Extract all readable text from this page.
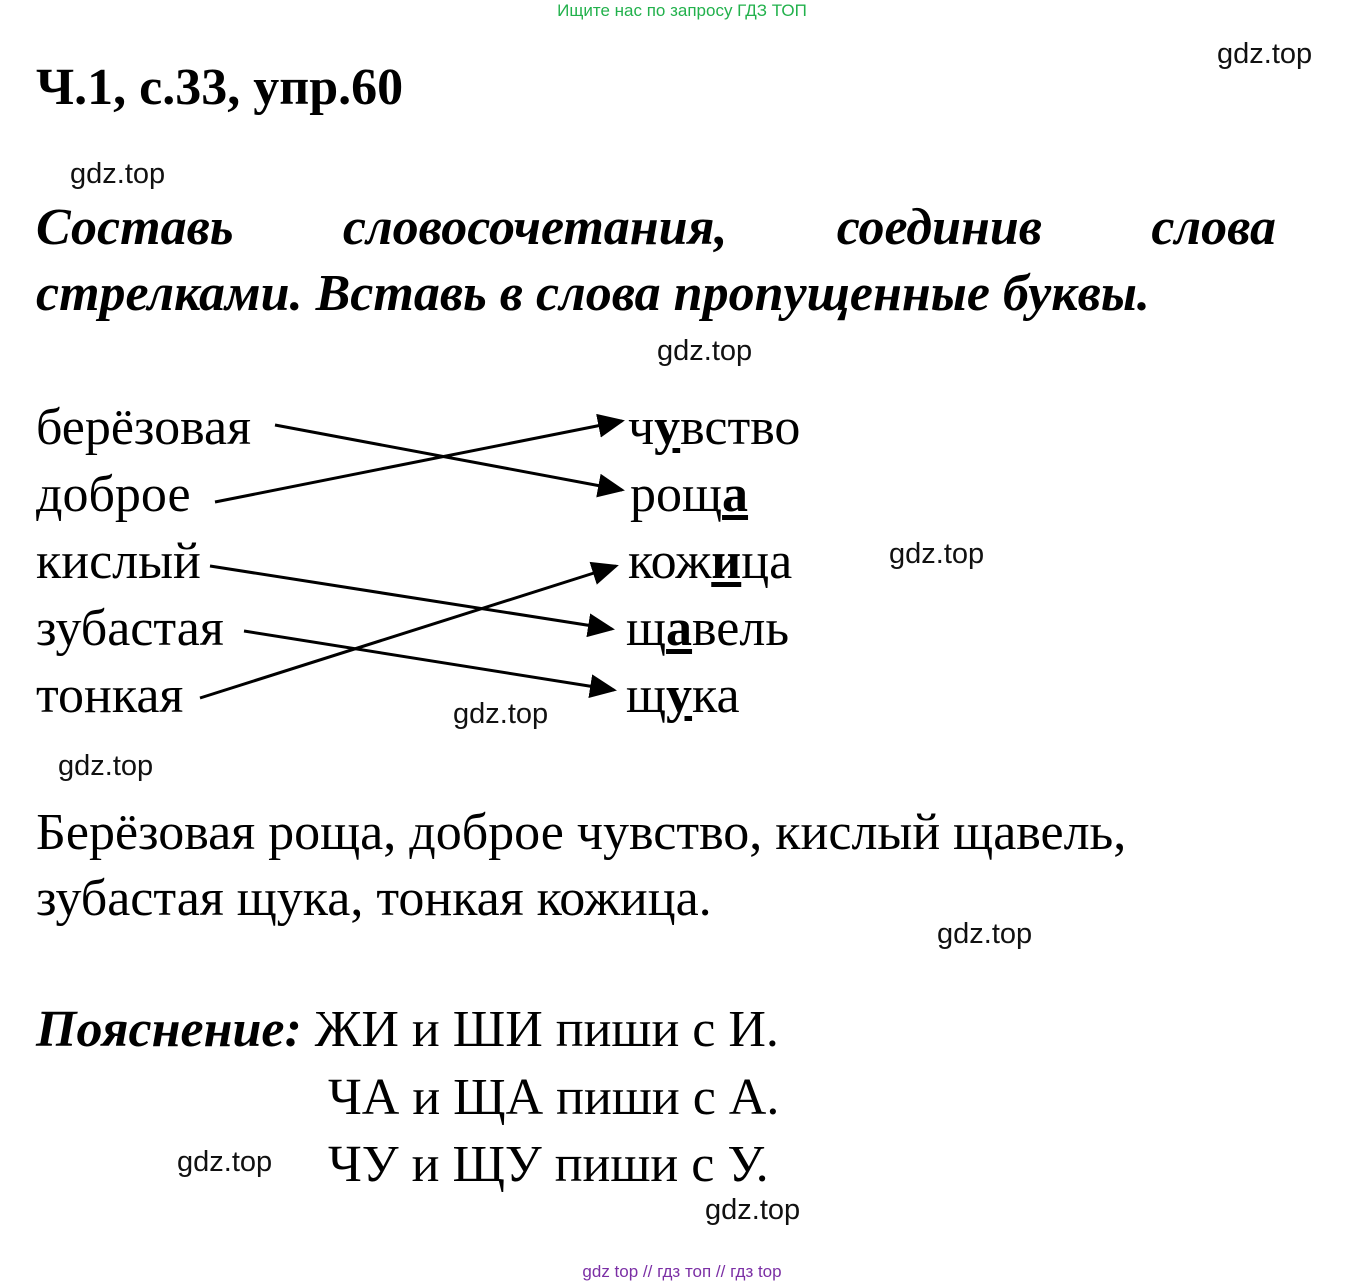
Ищите нас по запросу ГДЗ ТОП
Ч.1, с.33, упр.60
gdz.top
gdz.top
Составь словосочетания, соединив слова
стрелками. Вставь в слова пропущенные буквы.
gdz.top
берёзовая
доброе
кислый
зубастая
тонкая
чувство
роща
кожица
щавель
щука
gdz.top
gdz.top
gdz.top
Берёзовая роща, доброе чувство, кислый щавель,
зубастая щука, тонкая кожица.
gdz.top
Пояснение: ЖИ и ШИ пиши с И.
ЧА и ЩА пиши с А.
ЧУ и ЩУ пиши с У.
gdz.top
gdz.top
gdz top // гдз топ // гдз top
